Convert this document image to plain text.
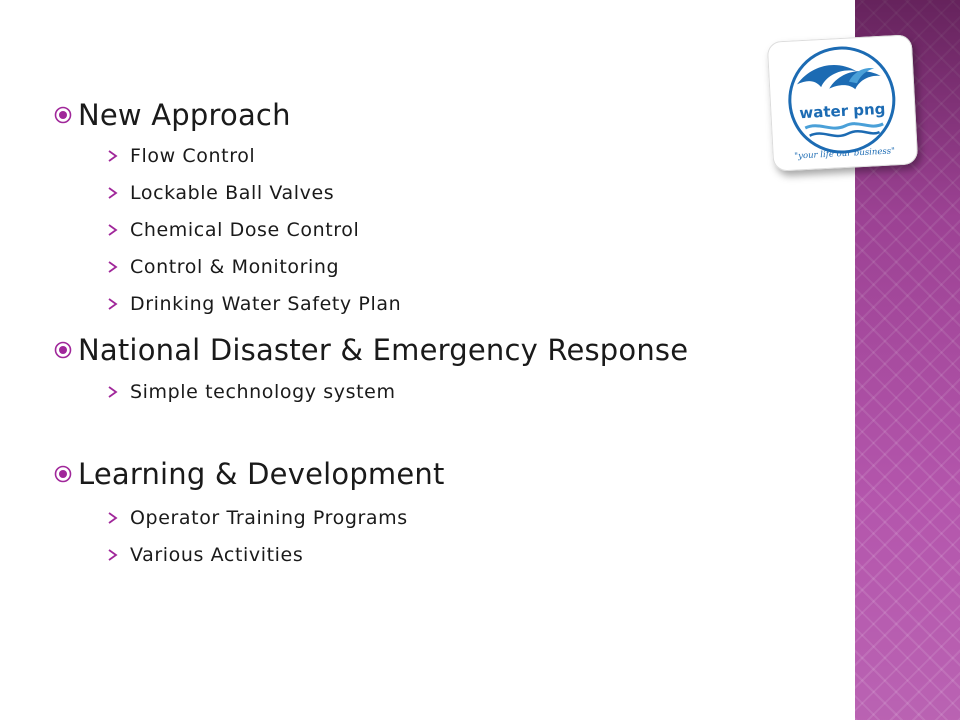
New Approach
Flow Control
Lockable Ball Valves
Chemical Dose Control
Control & Monitoring
Drinking Water Safety Plan
National Disaster & Emergency Response
Simple technology system
Learning & Development
Operator Training Programs
Various Activities
water png
"your life our business"
